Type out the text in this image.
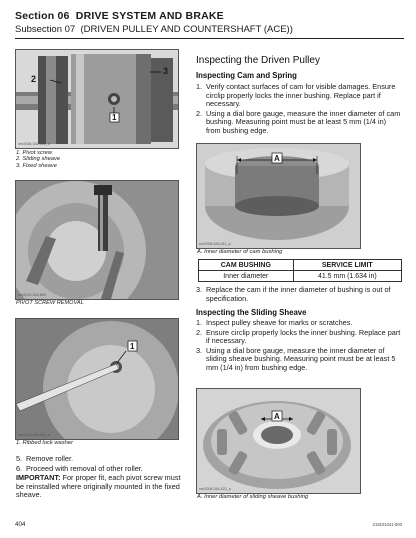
Section 06 DRIVE SYSTEM AND BRAKE
Subsection 07 (DRIVEN PULLEY AND COUNTERSHAFT (ACE))
2
3
1
rmr2008-042-100_a
1. Pivot screw
2. Sliding sheave
3. Fixed sheave
rmr2012-044-800
PIVOT SCREW REMOVAL
1
rmr2012-045-004_a
1. Ribbed lock washer
5. Remove roller.
6. Proceed with removal of other roller.
IMPORTANT: For proper fit, each pivot screw must be reinstalled where originally mounted in the fixed sheave.
Inspecting the Driven Pulley
Inspecting Cam and Spring
1. Verify contact surfaces of cam for visible damages. Ensure circlip properly locks the inner bushing. Replace part if necessary.
2. Using a dial bore gauge, measure the inner diameter of cam bushing. Measuring point must be at least 5 mm (1/4 in) from bushing edge.
A
rmr2008-044-011_a
A. Inner diameter of cam bushing
CAM BUSHING	SERVICE LIMIT
Inner diameter	41.5 mm (1.634 in)
3. Replace the cam if the inner diameter of bushing is out of specification.
Inspecting the Sliding Sheave
1. Inspect pulley sheave for marks or scratches.
2. Ensure circlip properly locks the inner bushing. Replace part if necessary.
3. Using a dial bore gauge, measure the inner diameter of sliding sheave bushing. Measuring point must be at least 5 mm (1/4 in) from bushing edge.
A
rmr2008-044-022_a
A. Inner diameter of sliding sheave bushing
404	219101041-003
